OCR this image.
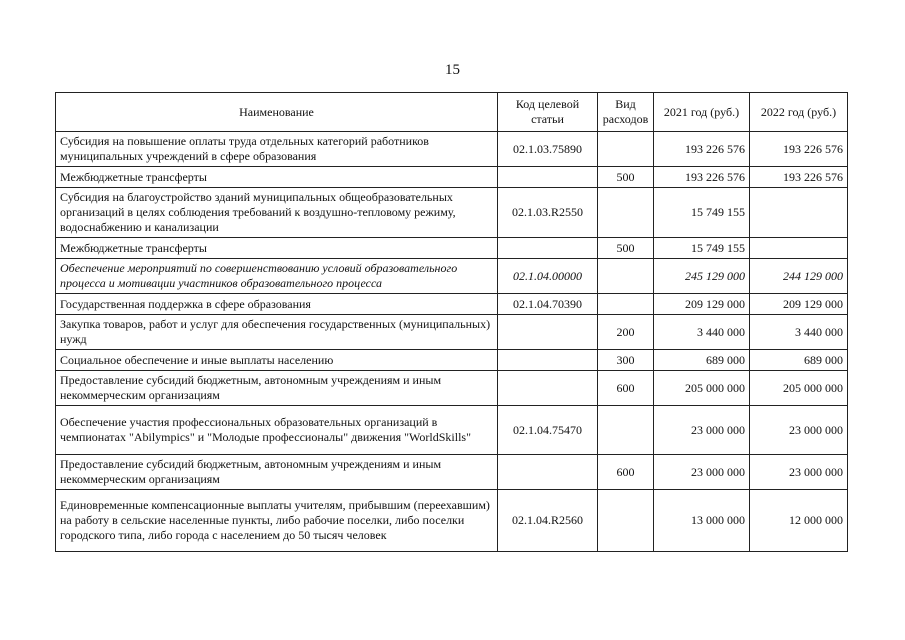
15
Наименование	Код целевой статьи	Вид расходов	2021 год (руб.)	2022 год (руб.)
Субсидия на повышение оплаты труда отдельных категорий работников муниципальных учреждений в сфере образования	02.1.03.75890		193 226 576	193 226 576
Межбюджетные трансферты		500	193 226 576	193 226 576
Субсидия на благоустройство зданий муниципальных общеобразовательных организаций в целях соблюдения требований к воздушно-тепловому режиму, водоснабжению и канализации	02.1.03.R2550		15 749 155	
Межбюджетные трансферты		500	15 749 155	
Обеспечение мероприятий по совершенствованию условий образовательного процесса и мотивации участников образовательного процесса	02.1.04.00000		245 129 000	244 129 000
Государственная поддержка в сфере образования	02.1.04.70390		209 129 000	209 129 000
Закупка товаров, работ и услуг для обеспечения государственных (муниципальных) нужд		200	3 440 000	3 440 000
Социальное обеспечение и иные выплаты населению		300	689 000	689 000
Предоставление субсидий бюджетным, автономным учреждениям и иным некоммерческим организациям		600	205 000 000	205 000 000
Обеспечение участия профессиональных образовательных организаций в чемпионатах "Abilympics" и "Молодые профессионалы" движения "WorldSkills"	02.1.04.75470		23 000 000	23 000 000
Предоставление субсидий бюджетным, автономным учреждениям и иным некоммерческим организациям		600	23 000 000	23 000 000
Единовременные компенсационные выплаты учителям, прибывшим (переехавшим) на работу в сельские населенные пункты, либо рабочие поселки, либо поселки городского типа, либо города с населением до 50 тысяч человек	02.1.04.R2560		13 000 000	12 000 000
